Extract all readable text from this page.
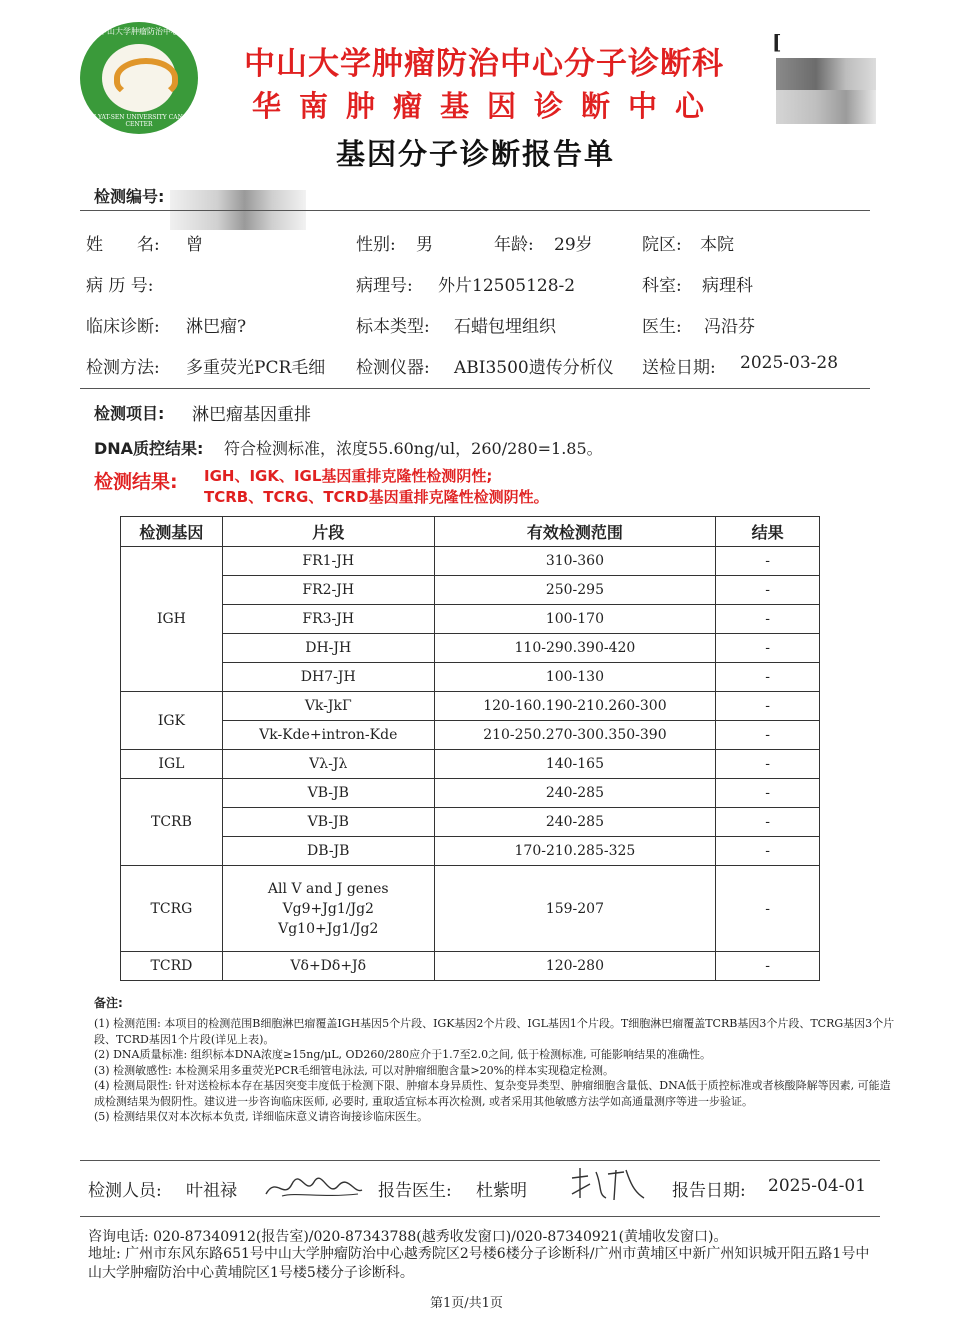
中山大学肿瘤防治中心
SUN YAT-SEN UNIVERSITY CANCER CENTER
中山大学肿瘤防治中心分子诊断科
华南肿瘤基因诊断中心
基因分子诊断报告单
[
检测编号:
姓　　名: 曾	性别: 男	年龄: 29岁	院区: 本院
病 历 号:	病理号: 外片12505128-2	科室: 病理科
临床诊断: 淋巴瘤?	标本类型: 石蜡包埋组织	医生: 冯沿芬
检测方法: 多重荧光PCR毛细 检测仪器: ABI3500遗传分析仪 送检日期: 2025-03-28
检测项目: 淋巴瘤基因重排
DNA质控结果: 符合检测标准，浓度55.60ng/ul，260/280=1.85。
检测结果: IGH、IGK、IGL基因重排克隆性检测阴性;
TCRB、TCRG、TCRD基因重排克隆性检测阴性。
检测基因	片段	有效检测范围	结果
IGH	FR1-JH	310-360	-
	FR2-JH	250-295	-
	FR3-JH	100-170	-
	DH-JH	110-290.390-420	-
	DH7-JH	100-130	-
IGK	Vk-JkΓ	120-160.190-210.260-300	-
	Vk-Kde+intron-Kde	210-250.270-300.350-390	-
IGL	Vλ-Jλ	140-165	-
TCRB	VB-JB	240-285	-
	VB-JB	240-285	-
	DB-JB	170-210.285-325	-
TCRG	All V and J genes
Vg9+Jg1/Jg2
Vg10+Jg1/Jg2	159-207	-
TCRD	Vδ+Dδ+Jδ	120-280	-
备注:
(1) 检测范围: 本项目的检测范围B细胞淋巴瘤覆盖IGH基因5个片段、IGK基因2个片段、IGL基因1个片段。T细胞淋巴瘤覆盖TCRB基因3个片段、TCRG基因3个片段、TCRD基因1个片段(详见上表)。
(2) DNA质量标准: 组织标本DNA浓度≥15ng/μL, OD260/280应介于1.7至2.0之间, 低于检测标准, 可能影响结果的准确性。
(3) 检测敏感性: 本检测采用多重荧光PCR毛细管电泳法, 可以对肿瘤细胞含量>20%的样本实现稳定检测。
(4) 检测局限性: 针对送检标本存在基因突变丰度低于检测下限、肿瘤本身异质性、复杂变异类型、肿瘤细胞含量低、DNA低于质控标准或者核酸降解等因素, 可能造成检测结果为假阴性。建议进一步咨询临床医师, 必要时, 重取适宜标本再次检测, 或者采用其他敏感方法学如高通量测序等进一步验证。
(5) 检测结果仅对本次标本负责, 详细临床意义请咨询接诊临床医生。
检测人员: 叶祖禄	报告医生: 杜紫明	报告日期: 2025-04-01
咨询电话: 020-87340912(报告室)/020-87343788(越秀收发窗口)/020-87340921(黄埔收发窗口)。
地址: 广州市东风东路651号中山大学肿瘤防治中心越秀院区2号楼6楼分子诊断科/广州市黄埔区中新广州知识城开阳五路1号中山大学肿瘤防治中心黄埔院区1号楼5楼分子诊断科。
第1页/共1页
